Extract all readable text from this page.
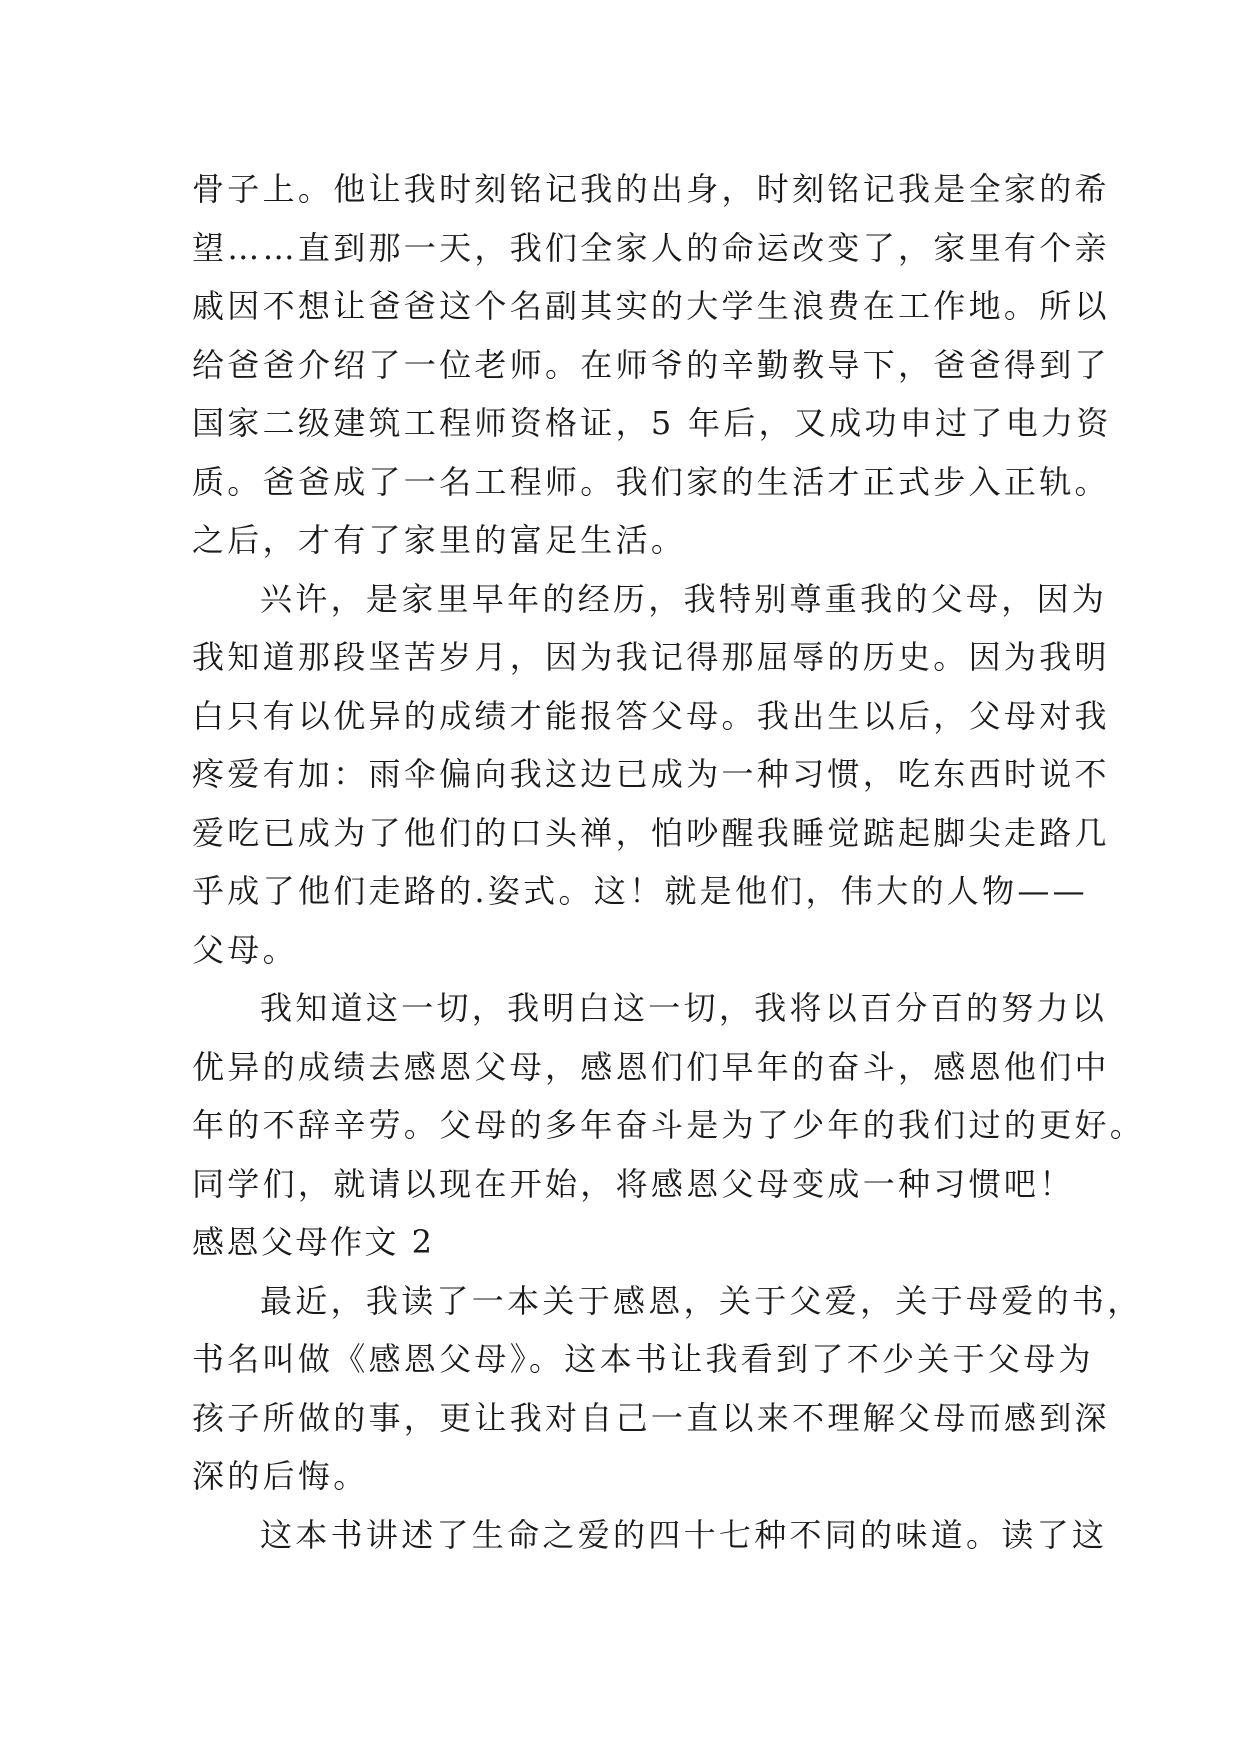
骨子上。他让我时刻铭记我的出身，时刻铭记我是全家的希
望……直到那一天，我们全家人的命运改变了，家里有个亲
戚因不想让爸爸这个名副其实的大学生浪费在工作地。所以
给爸爸介绍了一位老师。在师爷的辛勤教导下，爸爸得到了
国家二级建筑工程师资格证，5 年后，又成功申过了电力资
质。爸爸成了一名工程师。我们家的生活才正式步入正轨。
之后，才有了家里的富足生活。
兴许，是家里早年的经历，我特别尊重我的父母，因为
我知道那段坚苦岁月，因为我记得那屈辱的历史。因为我明
白只有以优异的成绩才能报答父母。我出生以后，父母对我
疼爱有加：雨伞偏向我这边已成为一种习惯，吃东西时说不
爱吃已成为了他们的口头禅，怕吵醒我睡觉踮起脚尖走路几
乎成了他们走路的.姿式。这！就是他们，伟大的人物——
父母。
我知道这一切，我明白这一切，我将以百分百的努力以
优异的成绩去感恩父母，感恩们们早年的奋斗，感恩他们中
年的不辞辛劳。父母的多年奋斗是为了少年的我们过的更好。
同学们，就请以现在开始，将感恩父母变成一种习惯吧！
感恩父母作文 2
最近，我读了一本关于感恩，关于父爱，关于母爱的书，
书名叫做《感恩父母》。这本书让我看到了不少关于父母为
孩子所做的事，更让我对自己一直以来不理解父母而感到深
深的后悔。
这本书讲述了生命之爱的四十七种不同的味道。读了这
